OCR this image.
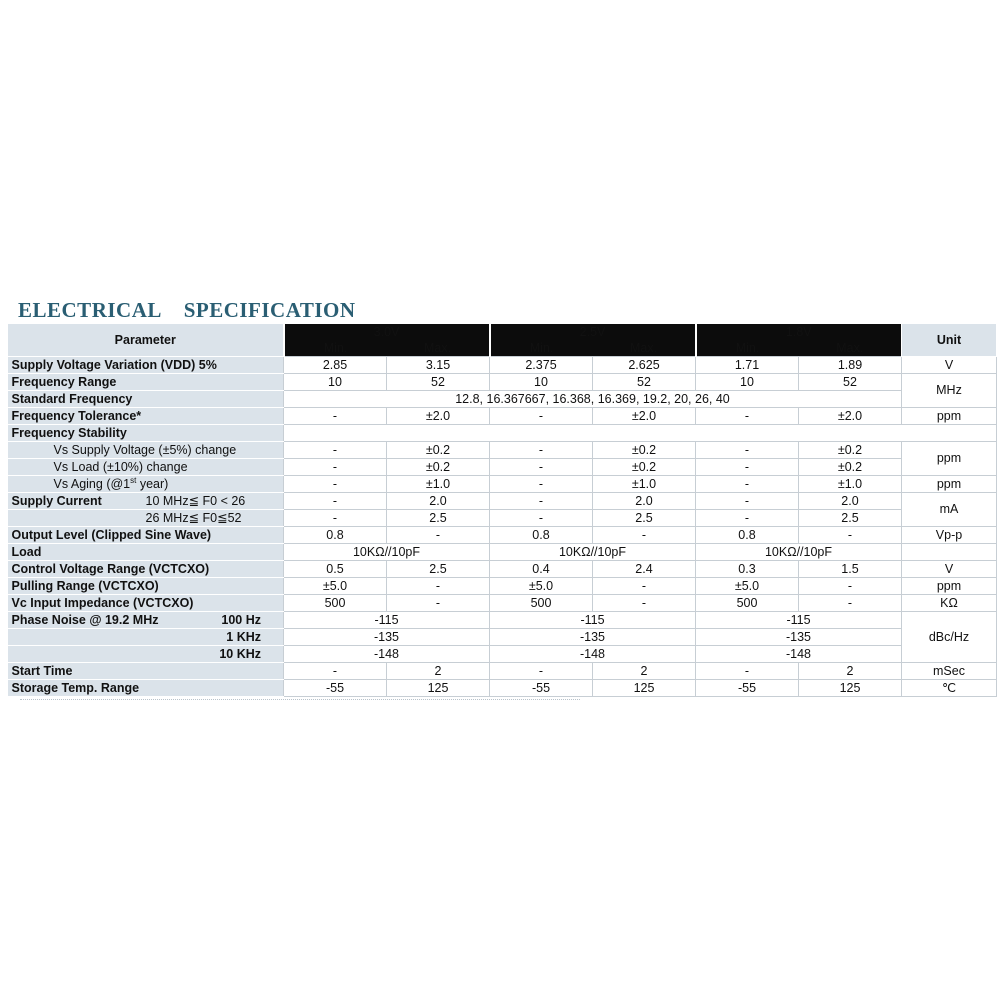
ELECTRICAL    SPECIFICATION
Parameter	3.0V		2.5V		1.8V		Unit
	Min.	Max.	Min.	Max.	Min.	Max.	
Supply Voltage Variation (VDD) 5%	2.85	3.15	2.375	2.625	1.71	1.89	V
Frequency Range	10	52	10	52	10	52	MHz
Standard Frequency	12.8, 16.367667, 16.368, 16.369, 19.2, 20, 26, 40						
Frequency Tolerance*	-	±2.0	-	±2.0	-	±2.0	ppm
Frequency Stability							
Vs Supply Voltage (±5%) change	-	±0.2	-	±0.2	-	±0.2	ppm
Vs Load (±10%) change	-	±0.2	-	±0.2	-	±0.2	
Vs Aging (@1st year)	-	±1.0	-	±1.0	-	±1.0	ppm

Supply Current 10 MHz≦ F0 < 26	-	2.0	-	2.0	-	2.0	mA

26 MHz≦ F0≦52	-	2.5	-	2.5	-	2.5	
Output Level (Clipped Sine Wave)	0.8	-	0.8	-	0.8	-	Vp-p
Load	10KΩ//10pF		10KΩ//10pF		10KΩ//10pF		
Control Voltage Range (VCTCXO)	0.5	2.5	0.4	2.4	0.3	1.5	V
Pulling Range (VCTCXO)	±5.0	-	±5.0	-	±5.0	-	ppm
Vc Input Impedance (VCTCXO)	500	-	500	-	500	-	KΩ

Phase Noise @ 19.2 MHz 100 Hz	-115		-115		-115		dBc/Hz

1 KHz	-135		-135		-135		

10 KHz	-148		-148		-148		
Start Time	-	2	-	2	-	2	mSec
Storage Temp. Range	-55	125	-55	125	-55	125	℃
